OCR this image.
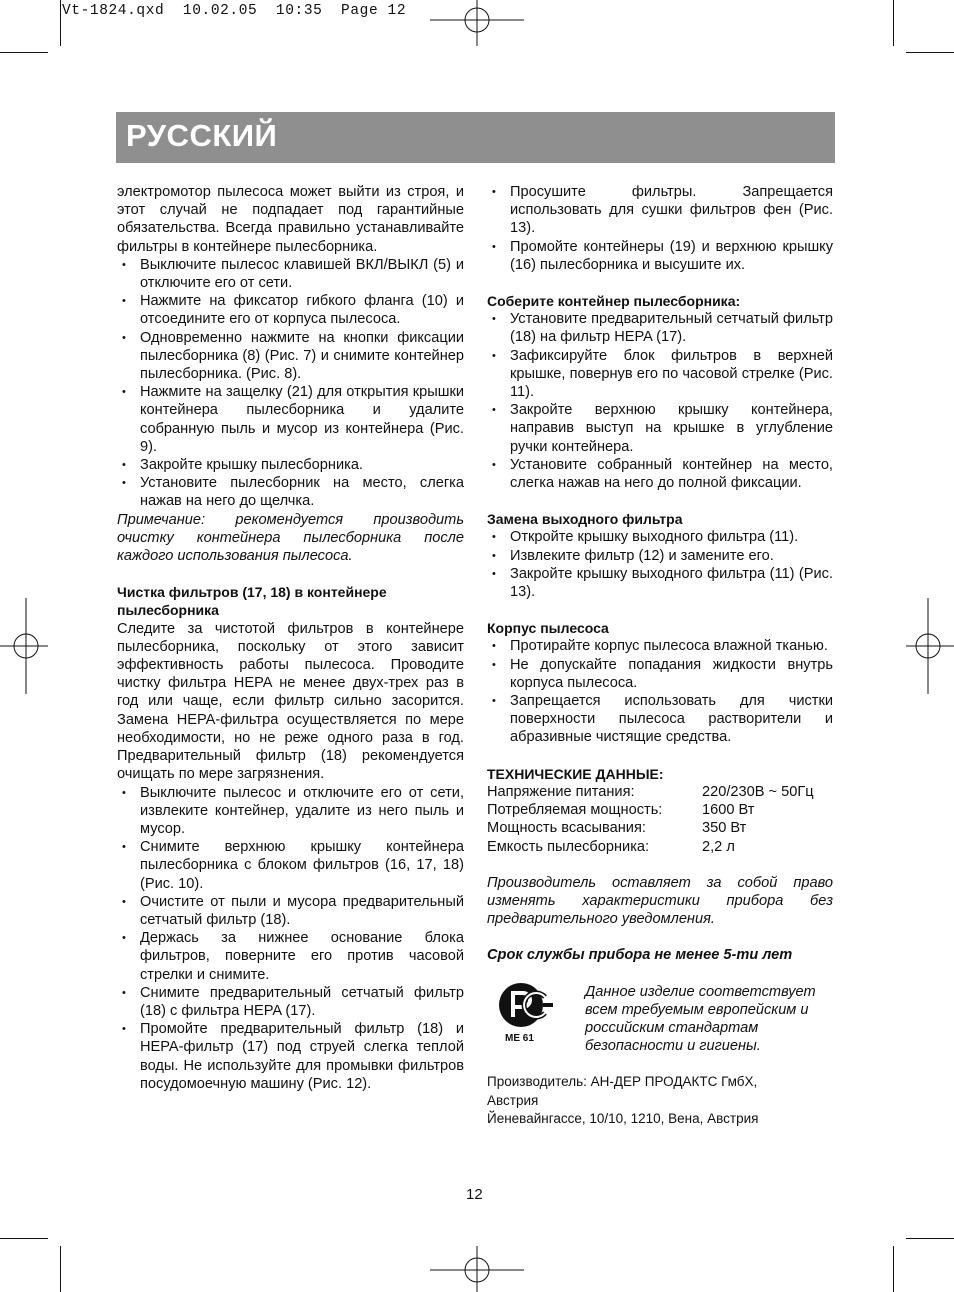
Vt-1824.qxd  10.02.05  10:35  Page 12
РУССКИЙ

электромотор пылесоса может выйти из строя, и этот случай не подпадает под гарантийные обязательства. Всегда правильно устанавливайте фильтры в контейнере пылесборника.

• Выключите пылесос клавишей ВКЛ/ВЫКЛ (5) и отключите его от сети.

• Нажмите на фиксатор гибкого фланга (10) и отсоедините его от корпуса пылесоса.

• Одновременно нажмите на кнопки фиксации пылесборника (8) (Рис. 7) и снимите контейнер пылесборника. (Рис. 8).

• Нажмите на защелку (21) для открытия крышки контейнера пылесборника и удалите собранную пыль и мусор из контейнера (Рис. 9).

• Закройте крышку пылесборника.

• Установите пылесборник на место, слегка нажав на него до щелчка.

Примечание: рекомендуется производить очистку контейнера пылесборника после каждого использования пылесоса.

Чистка фильтров (17, 18) в контейнере пылесборника

Следите за чистотой фильтров в контейнере пылесборника, поскольку от этого зависит эффективность работы пылесоса. Проводите чистку фильтра HEPA не менее двух-трех раз в год или чаще, если фильтр сильно засорится. Замена HEPA-фильтра осуществляется по мере необходимости, но не реже одного раза в год. Предварительный фильтр (18) рекомендуется очищать по мере загрязнения.

• Выключите пылесос и отключите его от сети, извлеките контейнер, удалите из него пыль и мусор.

• Снимите верхнюю крышку контейнера пылесборника с блоком фильтров (16, 17, 18) (Рис. 10).

• Очистите от пыли и мусора предварительный сетчатый фильтр (18).

• Держась за нижнее основание блока фильтров, поверните его против часовой стрелки и снимите.

• Снимите предварительный сетчатый фильтр (18) с фильтра HEPA (17).

• Промойте предварительный фильтр (18) и HEPA-фильтр (17) под струей слегка теплой воды. Не используйте для промывки фильтров посудомоечную машину (Рис. 12).

• Просушите фильтры. Запрещается использовать для сушки фильтров фен (Рис. 13).

• Промойте контейнеры (19) и верхнюю крышку (16) пылесборника и высушите их.

Соберите контейнер пылесборника:

• Установите предварительный сетчатый фильтр (18) на фильтр HEPA (17).

• Зафиксируйте блок фильтров в верхней крышке, повернув его по часовой стрелке (Рис. 11).

• Закройте верхнюю крышку контейнера, направив выступ на крышке в углубление ручки контейнера.

• Установите собранный контейнер на место, слегка нажав на него до полной фиксации.

Замена выходного фильтра

• Откройте крышку выходного фильтра (11).

• Извлеките фильтр (12) и замените его.

• Закройте крышку выходного фильтра (11) (Рис. 13).

Корпус пылесоса

• Протирайте корпус пылесоса влажной тканью.

• Не допускайте попадания жидкости внутрь корпуса пылесоса.

• Запрещается использовать для чистки поверхности пылесоса растворители и абразивные чистящие средства.

ТЕХНИЧЕСКИЕ ДАННЫЕ:

Напряжение питания:	220/230В ~ 50Гц
Потребляемая мощность:	1600 Вт
Мощность всасывания:	350 Вт
Емкость пылесборника:	2,2 л

Производитель оставляет за собой право изменять характеристики прибора без предварительного уведомления.

Срок службы прибора не менее 5-ти лет

ME 61
Данное изделие соответствует всем требуемым европейским и российским стандартам безопасности и гигиены.

Производитель: АН-ДЕР ПРОДАКТС ГмбХ,

Австрия

Йеневайнгассе, 10/10, 1210, Вена, Австрия

12
